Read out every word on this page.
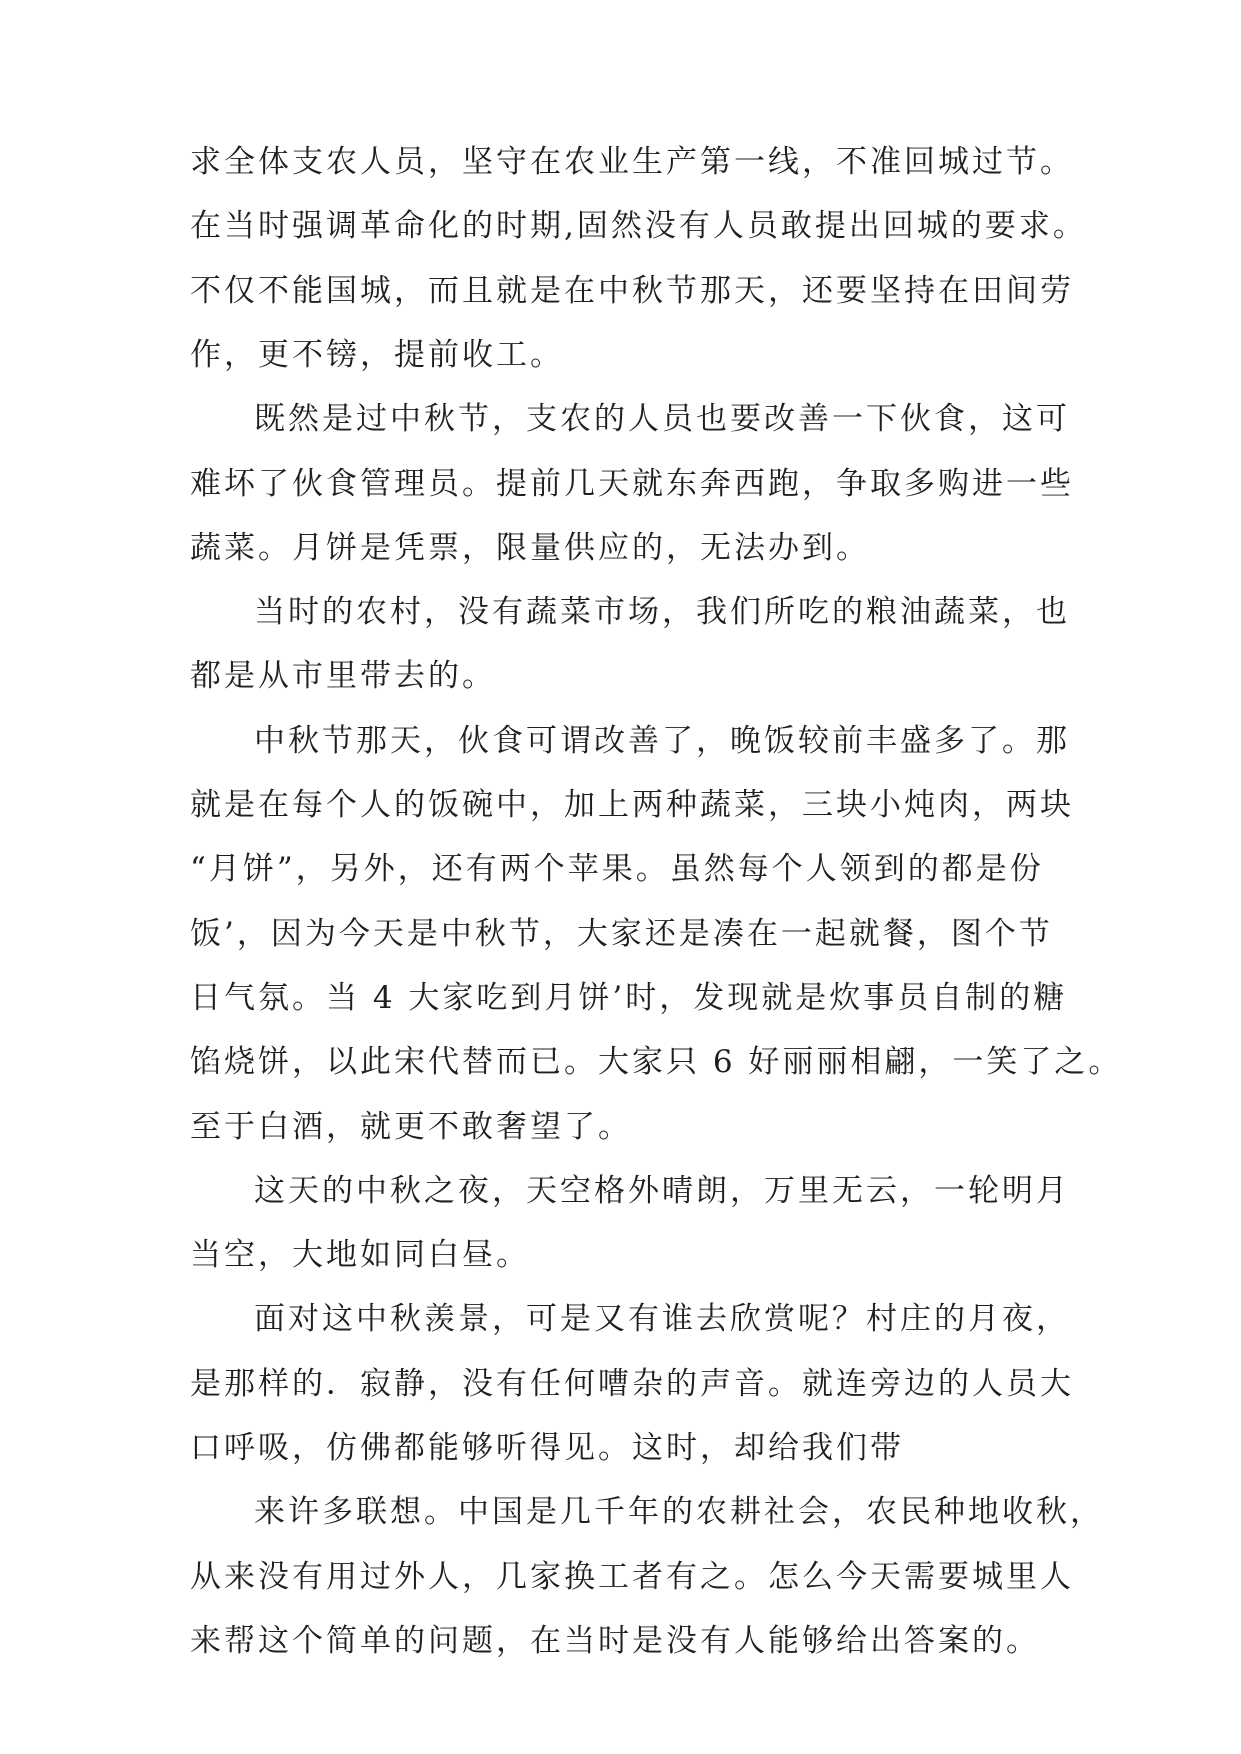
求全体支农人员，坚守在农业生产第一线，不准回城过节。
在当时强调革命化的时期,固然没有人员敢提出回城的要求。
不仅不能国城，而且就是在中秋节那天，还要坚持在田间劳
作，更不镑，提前收工。
既然是过中秋节，支农的人员也要改善一下伙食，这可
难坏了伙食管理员。提前几天就东奔西跑，争取多购进一些
蔬菜。月饼是凭票，限量供应的，无法办到。
当时的农村，没有蔬菜市场，我们所吃的粮油蔬菜，也
都是从市里带去的。
中秋节那天，伙食可谓改善了，晚饭较前丰盛多了。那
就是在每个人的饭碗中，加上两种蔬菜，三块小炖肉，两块
“月饼”，另外，还有两个苹果。虽然每个人领到的都是份
饭’，因为今天是中秋节，大家还是凑在一起就餐，图个节
日气氛。当 4 大家吃到月饼’时，发现就是炊事员自制的糖
馅烧饼，以此宋代替而已。大家只 6 好丽丽相翩，一笑了之。
至于白酒，就更不敢奢望了。
这天的中秋之夜，天空格外晴朗，万里无云，一轮明月
当空，大地如同白昼。
面对这中秋羡景，可是又有谁去欣赏呢？村庄的月夜，
是那样的．寂静，没有任何嘈杂的声音。就连旁边的人员大
口呼吸，仿佛都能够听得见。这时，却给我们带
来许多联想。中国是几千年的农耕社会，农民种地收秋，
从来没有用过外人，几家换工者有之。怎么今天需要城里人
来帮这个简单的问题，在当时是没有人能够给出答案的。
